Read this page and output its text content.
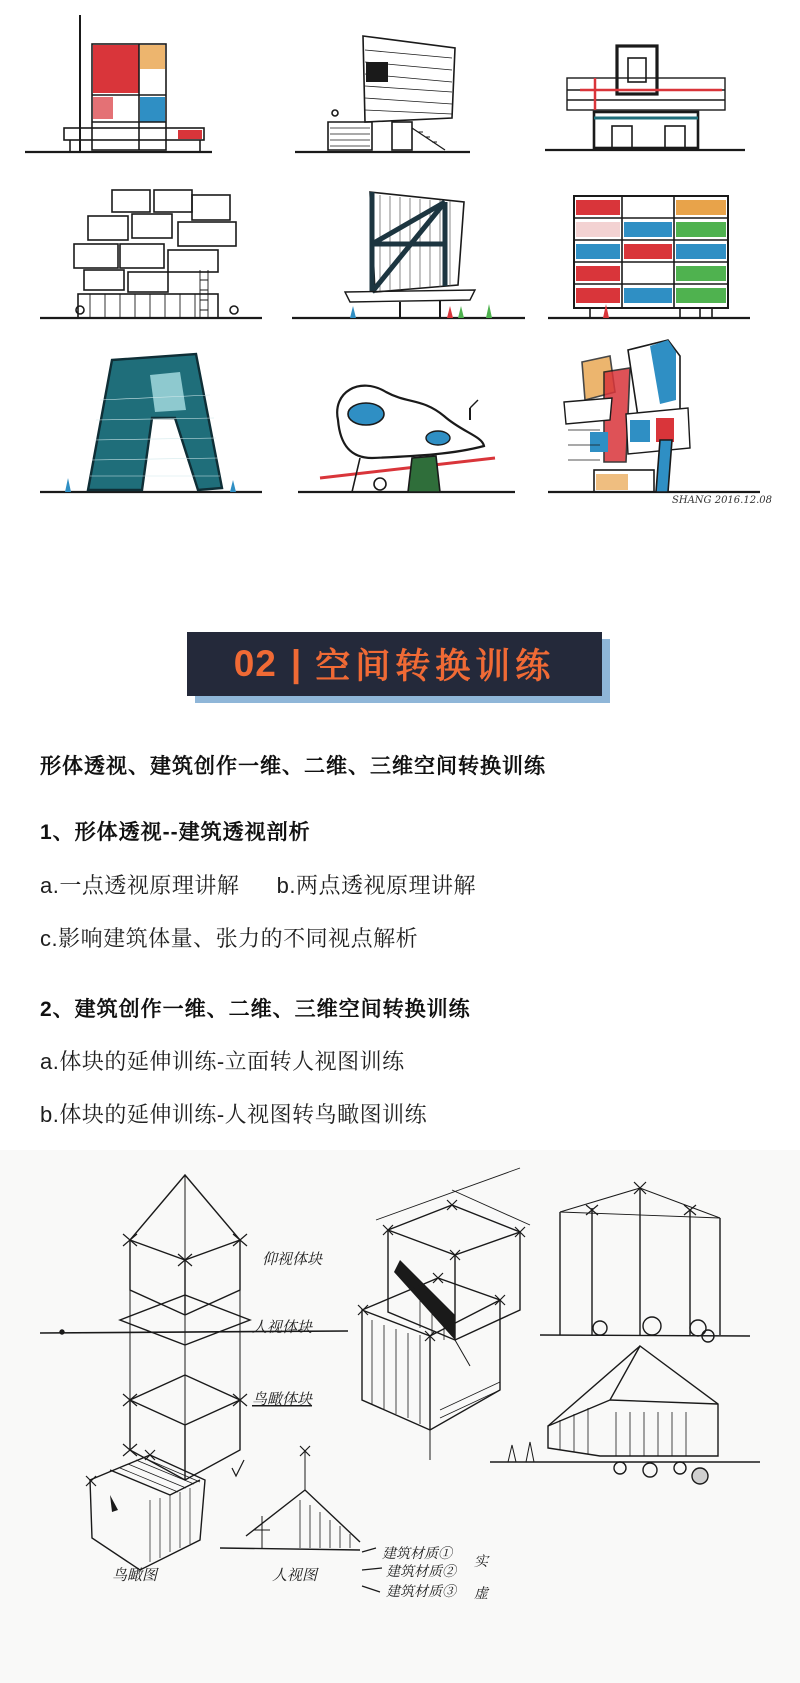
SHANG 2016.12.08
02 | 空间转换训练
形体透视、建筑创作一维、二维、三维空间转换训练
1、形体透视--建筑透视剖析
a.一点透视原理讲解 b.两点透视原理讲解
c.影响建筑体量、张力的不同视点解析
2、建筑创作一维、二维、三维空间转换训练
a.体块的延伸训练-立面转人视图训练
b.体块的延伸训练-人视图转鸟瞰图训练
仰视体块
人视体块
鸟瞰体块
鸟瞰图	人视图
建筑材质①
建筑材质②
建筑材质③
实
虚
